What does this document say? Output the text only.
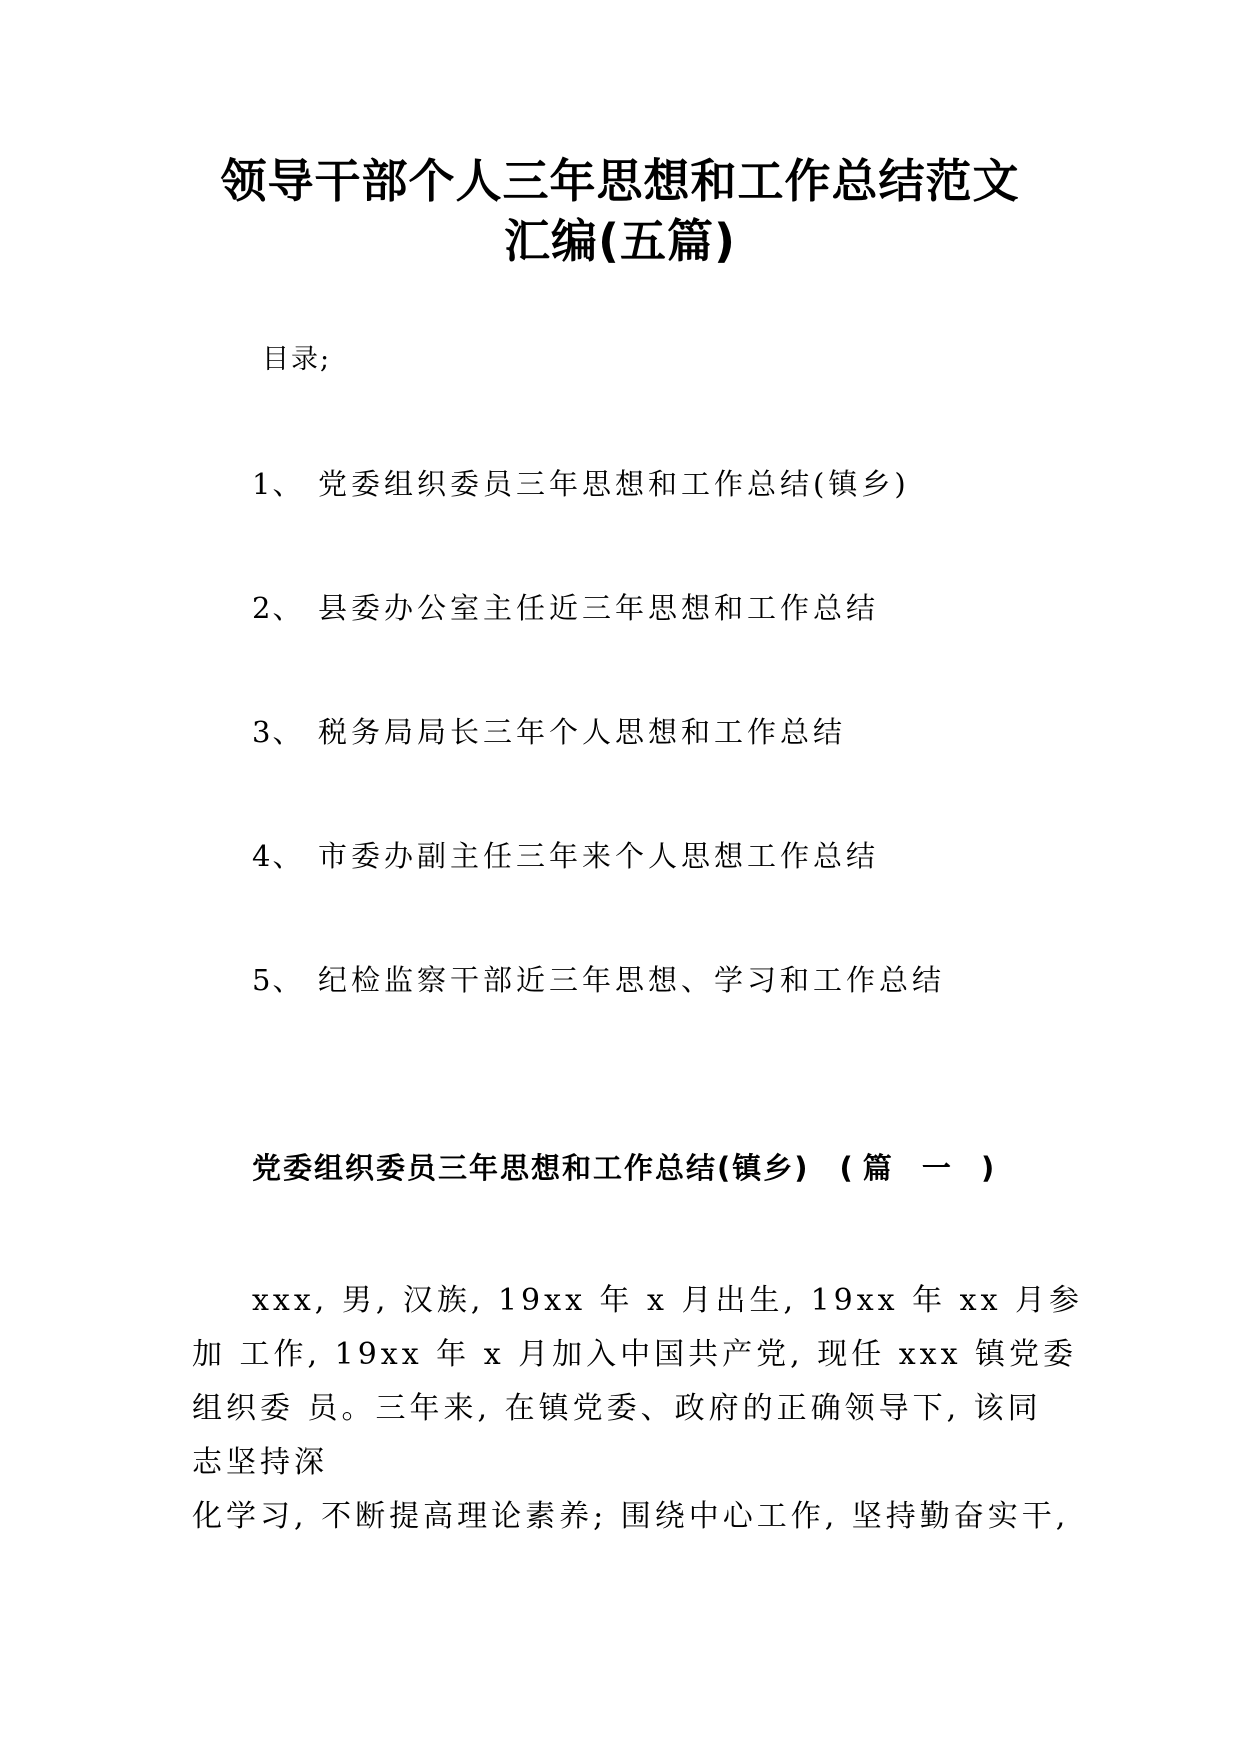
领导干部个人三年思想和工作总结范文
汇编(五篇)
目录;
1、 党委组织委员三年思想和工作总结(镇乡)
2、 县委办公室主任近三年思想和工作总结
3、 税务局局长三年个人思想和工作总结
4、 市委办副主任三年来个人思想工作总结
5、 纪检监察干部近三年思想、学习和工作总结
党委组织委员三年思想和工作总结(镇乡) (篇 一 )
xxx, 男, 汉族, 19xx 年 x 月出生, 19xx 年 xx 月参
加 工作, 19xx 年 x 月加入中国共产党, 现任 xxx 镇党委
组织委 员。三年来, 在镇党委、政府的正确领导下, 该同
志坚持深
化学习, 不断提高理论素养; 围绕中心工作, 坚持勤奋实干,
